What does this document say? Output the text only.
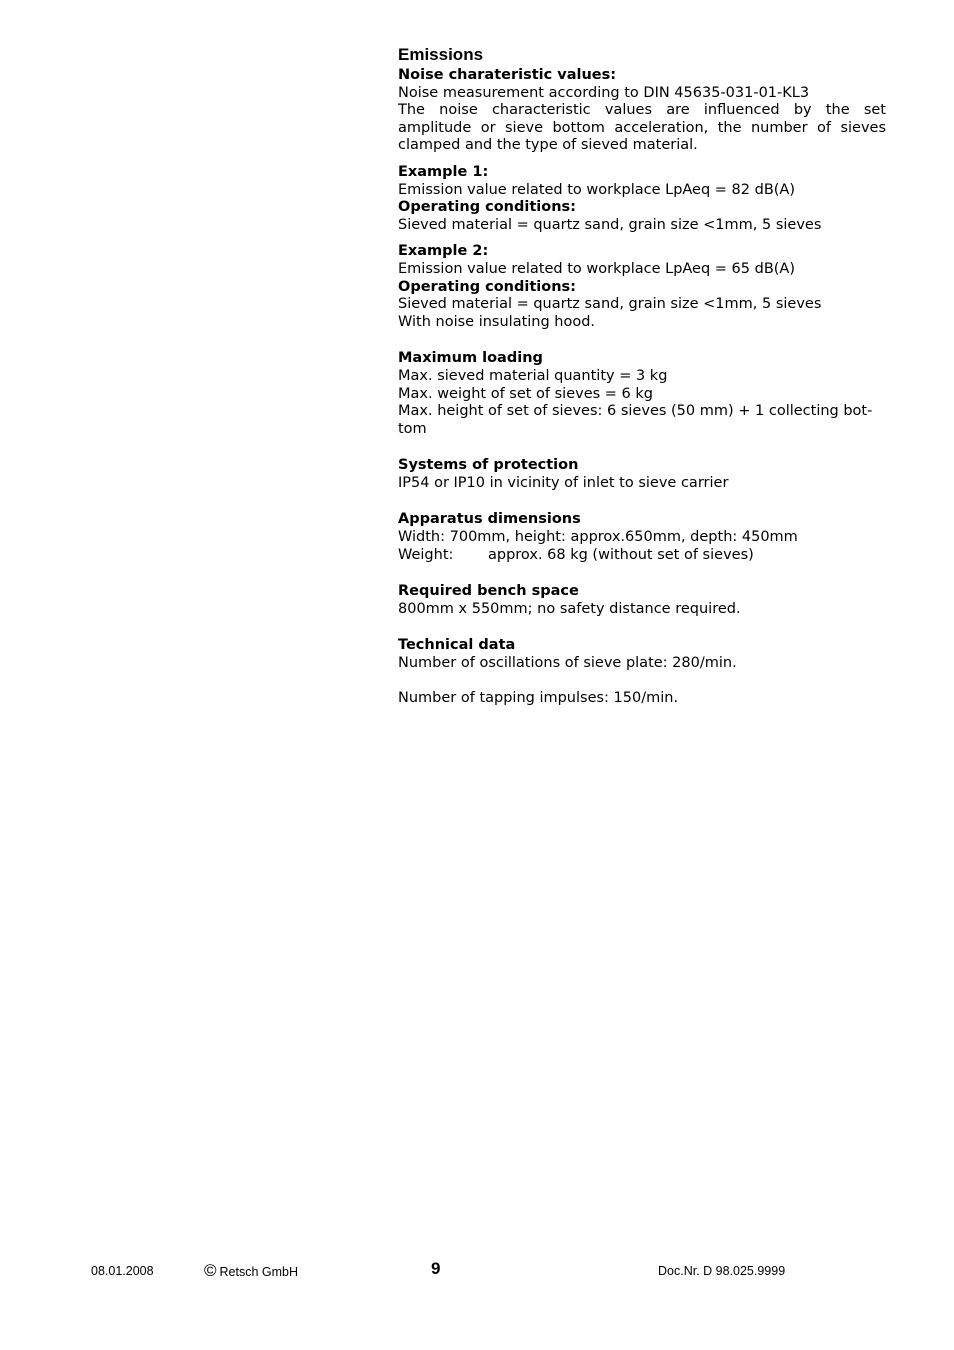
Emissions
Noise charateristic values:
Noise measurement according to DIN 45635-031-01-KL3
The noise characteristic values are influenced by the set amplitude or sieve bottom acceleration, the number of sieves clamped and the type of sieved material.
Example 1:
Emission value related to workplace LpAeq = 82 dB(A)
Operating conditions:
Sieved material = quartz sand, grain size <1mm, 5 sieves
Example 2:
Emission value related to workplace LpAeq = 65 dB(A)
Operating conditions:
Sieved material = quartz sand, grain size <1mm, 5 sieves
With noise insulating hood.
Maximum loading
Max. sieved material quantity = 3 kg
Max. weight of set of sieves = 6 kg
Max. height of set of sieves: 6 sieves (50 mm) + 1 collecting bot-
tom
Systems of protection
IP54 or IP10 in vicinity of inlet to sieve carrier
Apparatus dimensions
Width: 700mm, height: approx.650mm, depth: 450mm
Weight: approx. 68 kg (without set of sieves)
Required bench space
800mm x 550mm; no safety distance required.
Technical data
Number of oscillations of sieve plate: 280/min.
Number of tapping impulses: 150/min.
08.01.2008	© Retsch GmbH	9	Doc.Nr. D 98.025.9999
